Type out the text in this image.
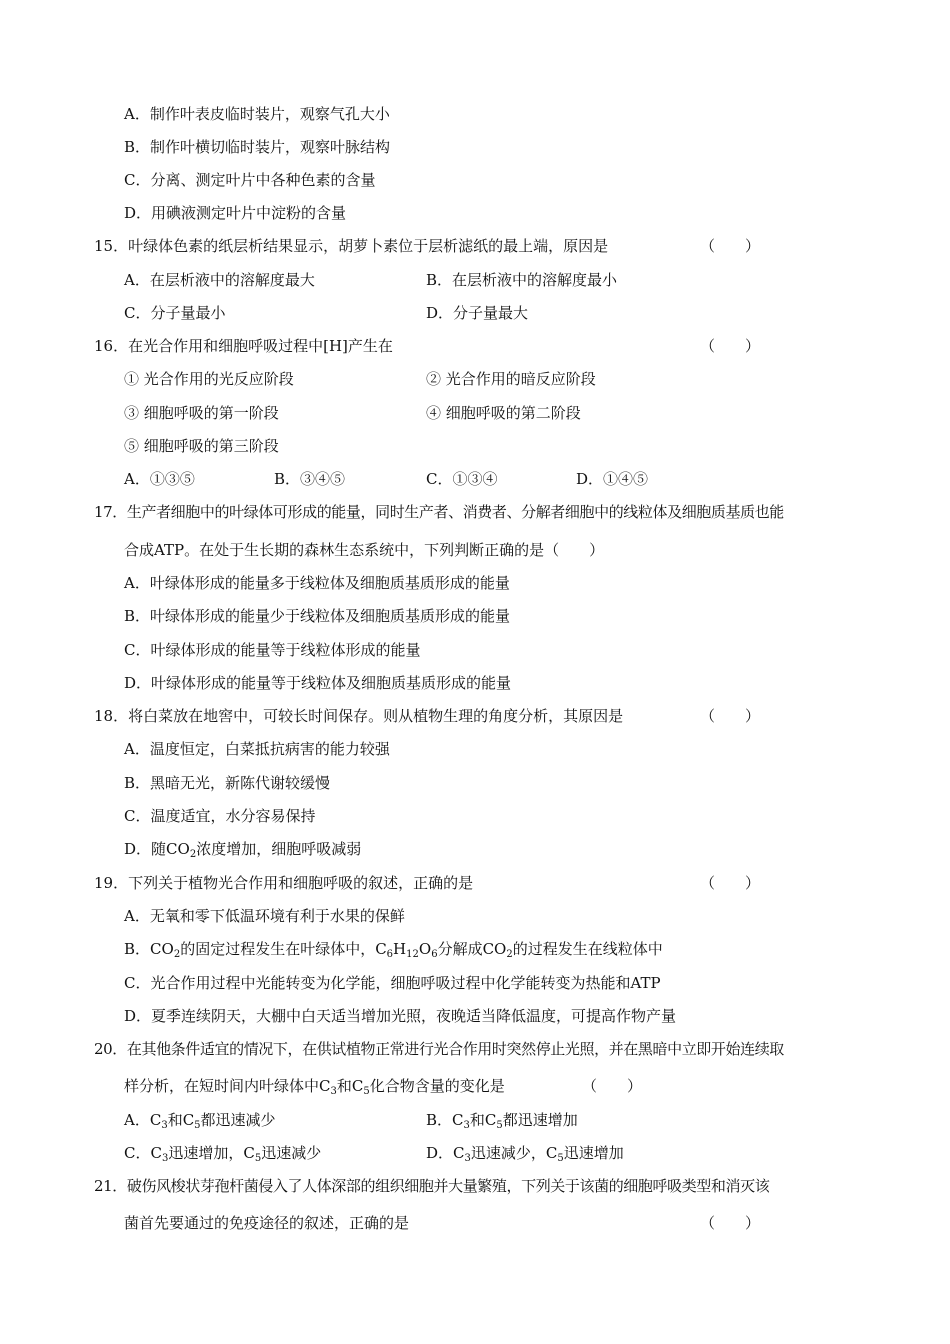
A．制作叶表皮临时装片，观察气孔大小
B．制作叶横切临时装片，观察叶脉结构
C．分离、测定叶片中各种色素的含量
D．用碘液测定叶片中淀粉的含量
15．叶绿体色素的纸层析结果显示，胡萝卜素位于层析滤纸的最上端，原因是	（　　）
A．在层析液中的溶解度最大	B．在层析液中的溶解度最小
C．分子量最小	D．分子量最大
16．在光合作用和细胞呼吸过程中[H]产生在	（　　）
① 光合作用的光反应阶段	② 光合作用的暗反应阶段
③ 细胞呼吸的第一阶段	④ 细胞呼吸的第二阶段
⑤ 细胞呼吸的第三阶段
A．①③⑤	B．③④⑤	C．①③④	D．①④⑤
17．生产者细胞中的叶绿体可形成的能量，同时生产者、消费者、分解者细胞中的线粒体及细胞质基质也能
合成ATP。在处于生长期的森林生态系统中，下列判断正确的是（　　）
A．叶绿体形成的能量多于线粒体及细胞质基质形成的能量
B．叶绿体形成的能量少于线粒体及细胞质基质形成的能量
C．叶绿体形成的能量等于线粒体形成的能量
D．叶绿体形成的能量等于线粒体及细胞质基质形成的能量
18．将白菜放在地窖中，可较长时间保存。则从植物生理的角度分析，其原因是	（　　）
A．温度恒定，白菜抵抗病害的能力较强
B．黑暗无光，新陈代谢较缓慢
C．温度适宜，水分容易保持
D．随$CO_2$浓度增加，细胞呼吸减弱
19．下列关于植物光合作用和细胞呼吸的叙述，正确的是	（　　）
A．无氧和零下低温环境有利于水果的保鲜
B．$CO_2$的固定过程发生在叶绿体中，$C_6H_{12}O_6$分解成$CO_2$的过程发生在线粒体中
C．光合作用过程中光能转变为化学能，细胞呼吸过程中化学能转变为热能和ATP
D．夏季连续阴天，大棚中白天适当增加光照，夜晚适当降低温度，可提高作物产量
20．在其他条件适宜的情况下，在供试植物正常进行光合作用时突然停止光照，并在黑暗中立即开始连续取
样分析，在短时间内叶绿体中$C_3$和$C_5$化合物含量的变化是	（　　）
A．$C_3$和$C_5$都迅速减少	B．$C_3$和$C_5$都迅速增加
C．$C_3$迅速增加，$C_5$迅速减少	D．$C_3$迅速减少，$C_5$迅速增加
21．破伤风梭状芽孢杆菌侵入了人体深部的组织细胞并大量繁殖，下列关于该菌的细胞呼吸类型和消灭该
菌首先要通过的免疫途径的叙述，正确的是	（　　）
